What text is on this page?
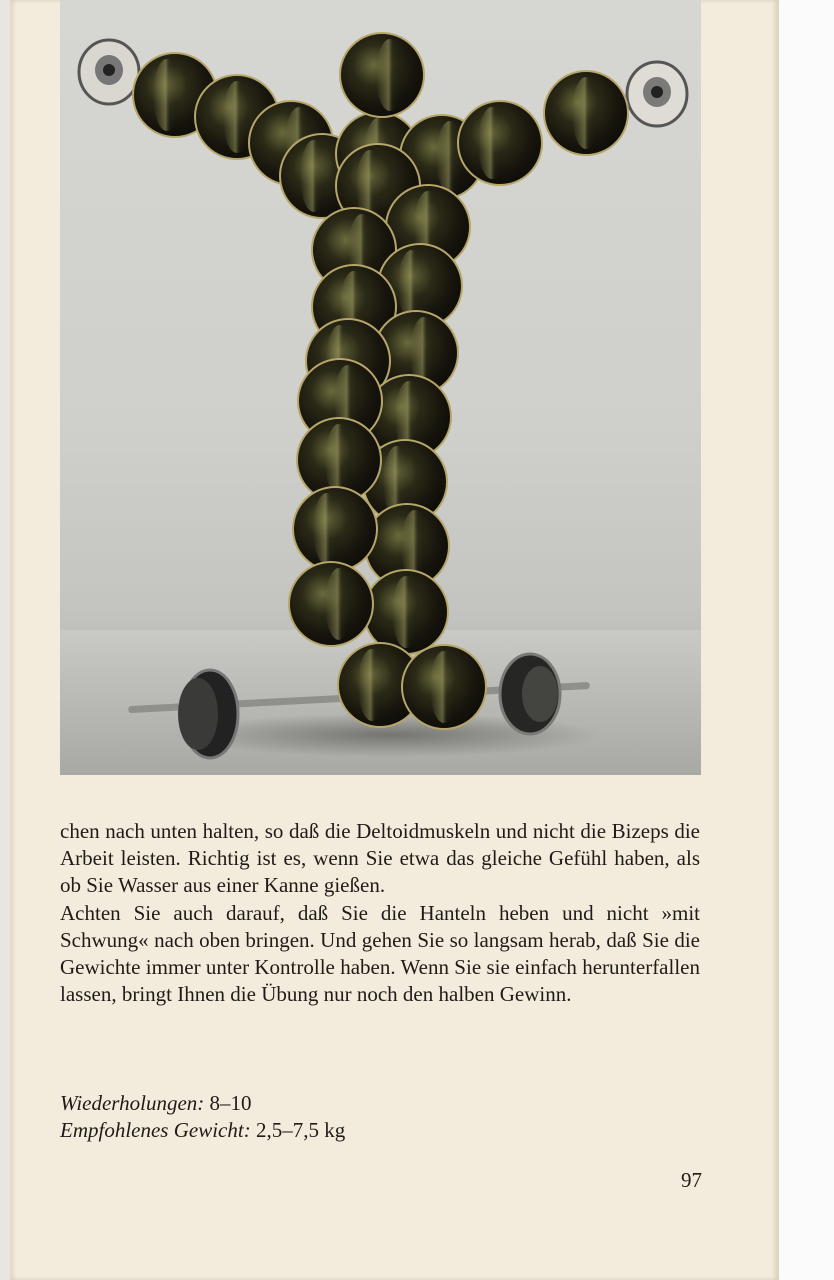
chen nach unten halten, so daß die Deltoidmuskeln und nicht die Bizeps die Arbeit leisten. Richtig ist es, wenn Sie etwa das gleiche Gefühl haben, als ob Sie Wasser aus einer Kanne gießen.

Achten Sie auch darauf, daß Sie die Hanteln heben und nicht »mit Schwung« nach oben bringen. Und gehen Sie so langsam herab, daß Sie die Gewichte immer unter Kontrolle haben. Wenn Sie sie einfach herunterfallen lassen, bringt Ihnen die Übung nur noch den halben Gewinn.

Wiederholungen: 8–10
Empfohlenes Gewicht: 2,5–7,5 kg
97
